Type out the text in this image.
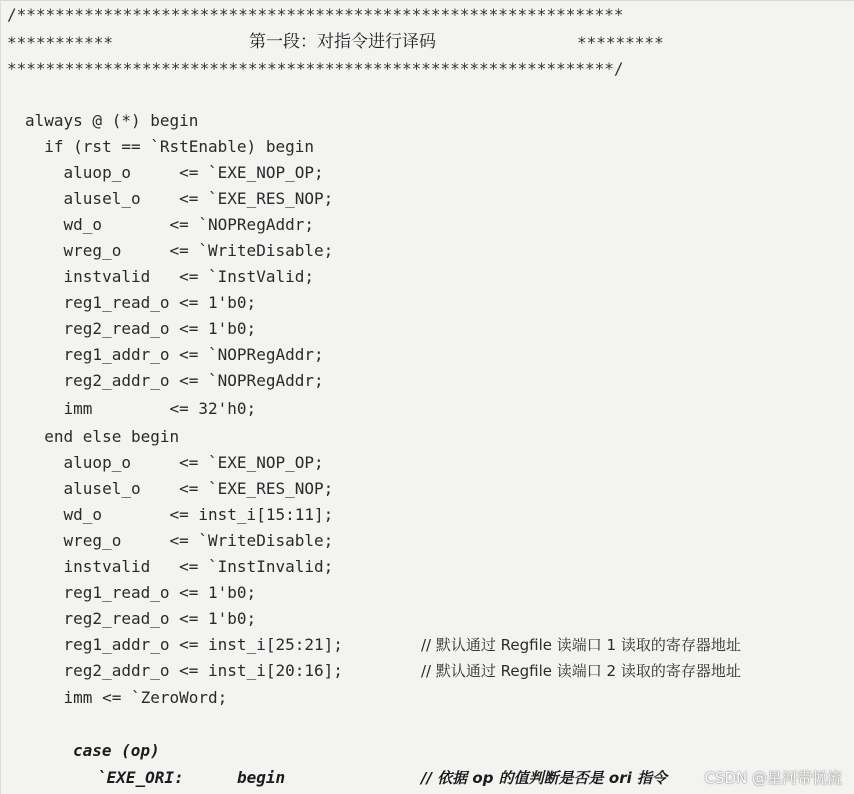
/***************************************************************
***********	第一段：对指令进行译码	*********
***************************************************************/
always @ (*) begin
if (rst == `RstEnable) begin
aluop_o     <= `EXE_NOP_OP;
alusel_o    <= `EXE_RES_NOP;
wd_o       <= `NOPRegAddr;
wreg_o     <= `WriteDisable;
instvalid   <= `InstValid;
reg1_read_o <= 1'b0;
reg2_read_o <= 1'b0;
reg1_addr_o <= `NOPRegAddr;
reg2_addr_o <= `NOPRegAddr;
imm        <= 32'h0;
end else begin
aluop_o     <= `EXE_NOP_OP;
alusel_o    <= `EXE_RES_NOP;
wd_o       <= inst_i[15:11];
wreg_o     <= `WriteDisable;
instvalid   <= `InstInvalid;
reg1_read_o <= 1'b0;
reg2_read_o <= 1'b0;
reg1_addr_o <= inst_i[25:21];	// 默认通过 Regfile 读端口 1 读取的寄存器地址
reg2_addr_o <= inst_i[20:16];	// 默认通过 Regfile 读端口 2 读取的寄存器地址
imm <= `ZeroWord;
case (op)
`EXE_ORI:	begin	// 依据 op 的值判断是否是 ori 指令 CSDN @星河带悦流
